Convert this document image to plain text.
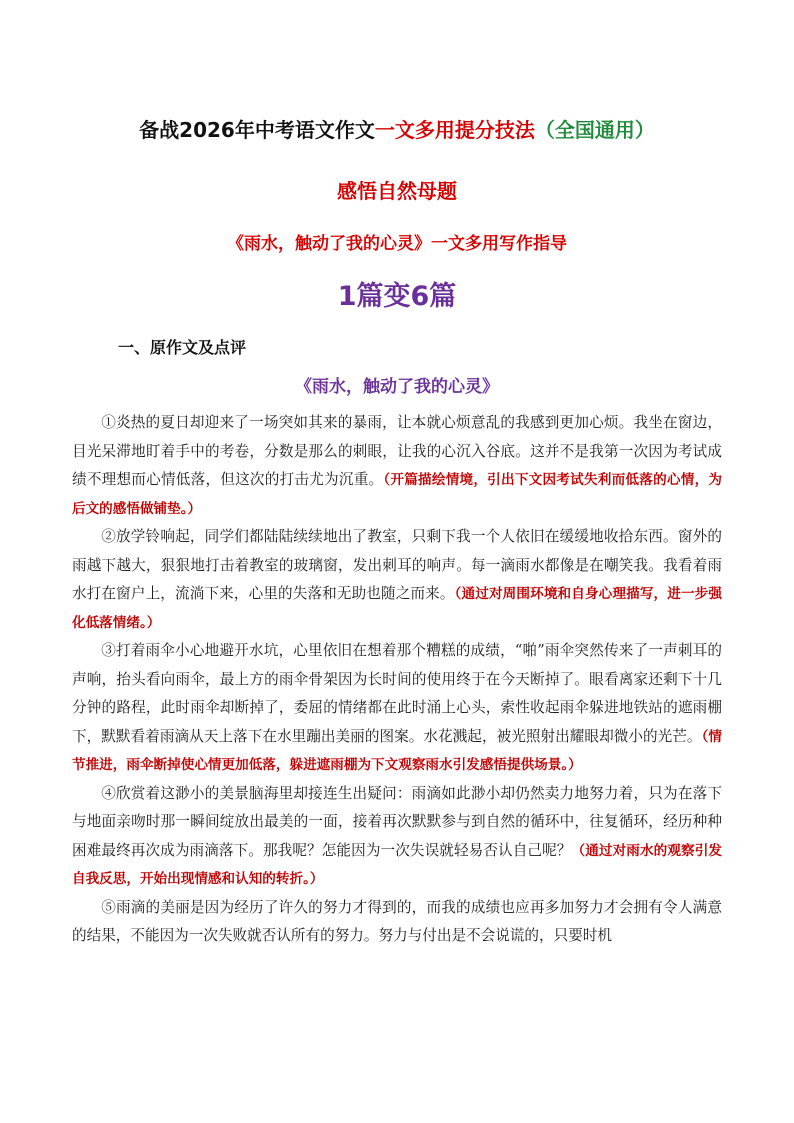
备战2026年中考语文作文一文多用提分技法（全国通用）
感悟自然母题
《雨水，触动了我的心灵》一文多用写作指导
1篇变6篇
一、原作文及点评
《雨水，触动了我的心灵》

①炎热的夏日却迎来了一场突如其来的暴雨，让本就心烦意乱的我感到更加心烦。我坐在窗边，目光呆滞地盯着手中的考卷，分数是那么的刺眼，让我的心沉入谷底。这并不是我第一次因为考试成绩不理想而心情低落，但这次的打击尤为沉重。（开篇描绘情境，引出下文因考试失利而低落的心情，为后文的感悟做铺垫。）

②放学铃响起，同学们都陆陆续续地出了教室，只剩下我一个人依旧在缓缓地收拾东西。窗外的雨越下越大，狠狠地打击着教室的玻璃窗，发出刺耳的响声。每一滴雨水都像是在嘲笑我。我看着雨水打在窗户上，流淌下来，心里的失落和无助也随之而来。（通过对周围环境和自身心理描写，进一步强化低落情绪。）

③打着雨伞小心地避开水坑，心里依旧在想着那个糟糕的成绩，“啪”雨伞突然传来了一声刺耳的声响，抬头看向雨伞，最上方的雨伞骨架因为长时间的使用终于在今天断掉了。眼看离家还剩下十几分钟的路程，此时雨伞却断掉了，委屈的情绪都在此时涌上心头，索性收起雨伞躲进地铁站的遮雨棚下，默默看着雨滴从天上落下在水里蹦出美丽的图案。水花溅起，被光照射出耀眼却微小的光芒。（情节推进，雨伞断掉使心情更加低落，躲进遮雨棚为下文观察雨水引发感悟提供场景。）

④欣赏着这渺小的美景脑海里却接连生出疑问：雨滴如此渺小却仍然卖力地努力着，只为在落下与地面亲吻时那一瞬间绽放出最美的一面，接着再次默默参与到自然的循环中，往复循环，经历种种困难最终再次成为雨滴落下。那我呢？怎能因为一次失误就轻易否认自己呢？（通过对雨水的观察引发自我反思，开始出现情感和认知的转折。）

⑤雨滴的美丽是因为经历了许久的努力才得到的，而我的成绩也应再多加努力才会拥有令人满意的结果，不能因为一次失败就否认所有的努力。努力与付出是不会说谎的，只要时机
